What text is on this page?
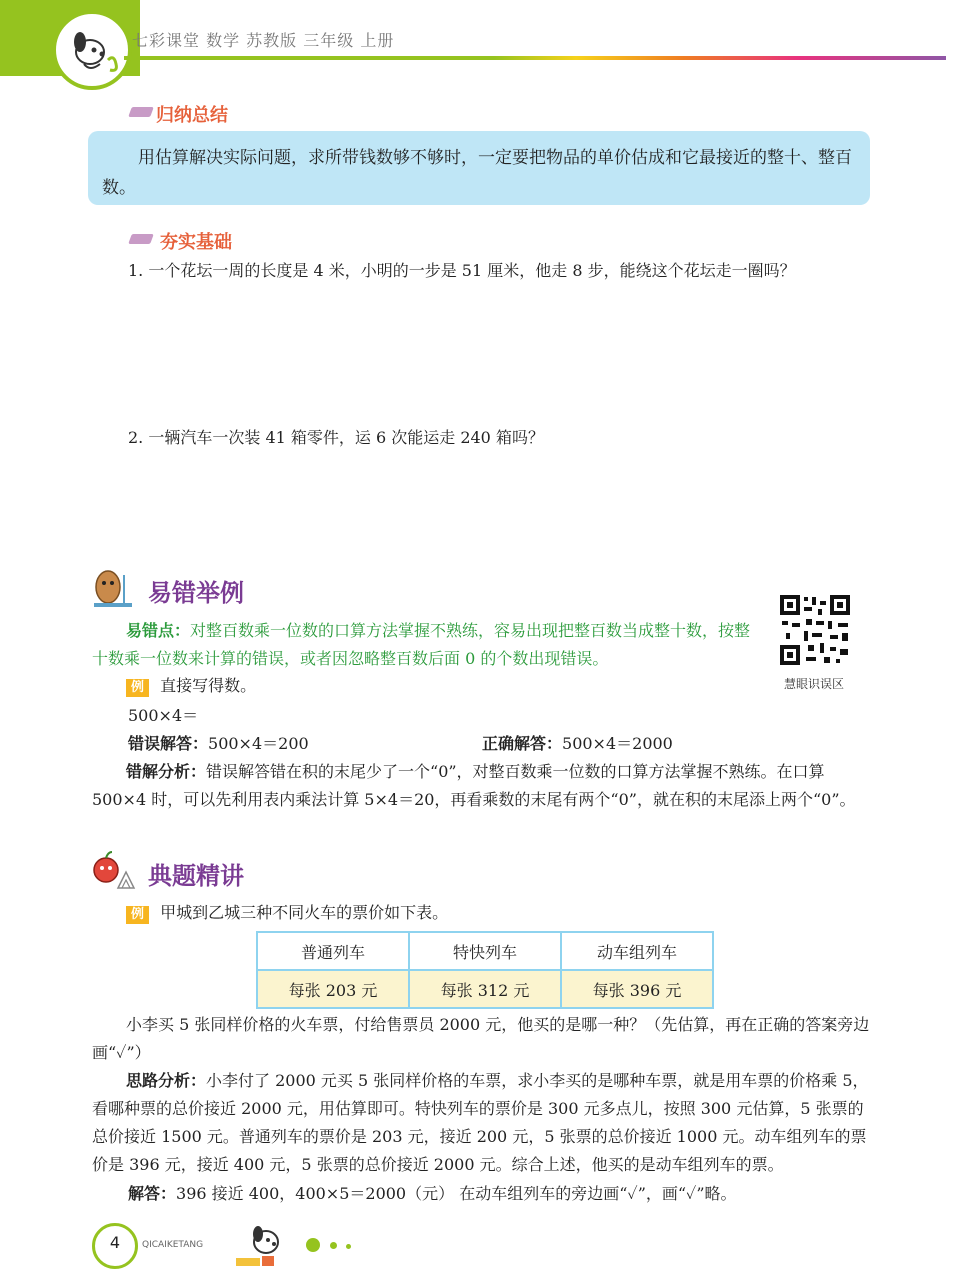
七彩课堂 数学 苏教版 三年级 上册
归纳总结
用估算解决实际问题，求所带钱数够不够时，一定要把物品的单价估成和它最接近的整十、整百数。
夯实基础
1. 一个花坛一周的长度是 4 米，小明的一步是 51 厘米，他走 8 步，能绕这个花坛走一圈吗？
2. 一辆汽车一次装 41 箱零件，运 6 次能运走 240 箱吗？
易错举例
易错点：对整百数乘一位数的口算方法掌握不熟练，容易出现把整百数当成整十数，按整十数乘一位数来计算的错误，或者因忽略整百数后面 0 的个数出现错误。
慧眼识误区
例 直接写得数。
500×4＝
错误解答：500×4＝200	正确解答：500×4＝2000
错解分析：错误解答错在积的末尾少了一个“0”，对整百数乘一位数的口算方法掌握不熟练。在口算 500×4 时，可以先利用表内乘法计算 5×4＝20，再看乘数的末尾有两个“0”，就在积的末尾添上两个“0”。
典题精讲
例 甲城到乙城三种不同火车的票价如下表。
普通列车	特快列车	动车组列车
每张 203 元	每张 312 元	每张 396 元
小李买 5 张同样价格的火车票，付给售票员 2000 元，他买的是哪一种？（先估算，再在正确的答案旁边画“✓”）
思路分析：小李付了 2000 元买 5 张同样价格的车票，求小李买的是哪种车票，就是用车票的价格乘 5，看哪种票的总价接近 2000 元，用估算即可。特快列车的票价是 300 元多点儿，按照 300 元估算，5 张票的总价接近 1500 元。普通列车的票价是 203 元，接近 200 元，5 张票的总价接近 1000 元。动车组列车的票价是 396 元，接近 400 元，5 张票的总价接近 2000 元。综合上述，他买的是动车组列车的票。
解答：396 接近 400，400×5＝2000（元） 在动车组列车的旁边画“✓”，画“✓”略。
4	QICAIKETANG
